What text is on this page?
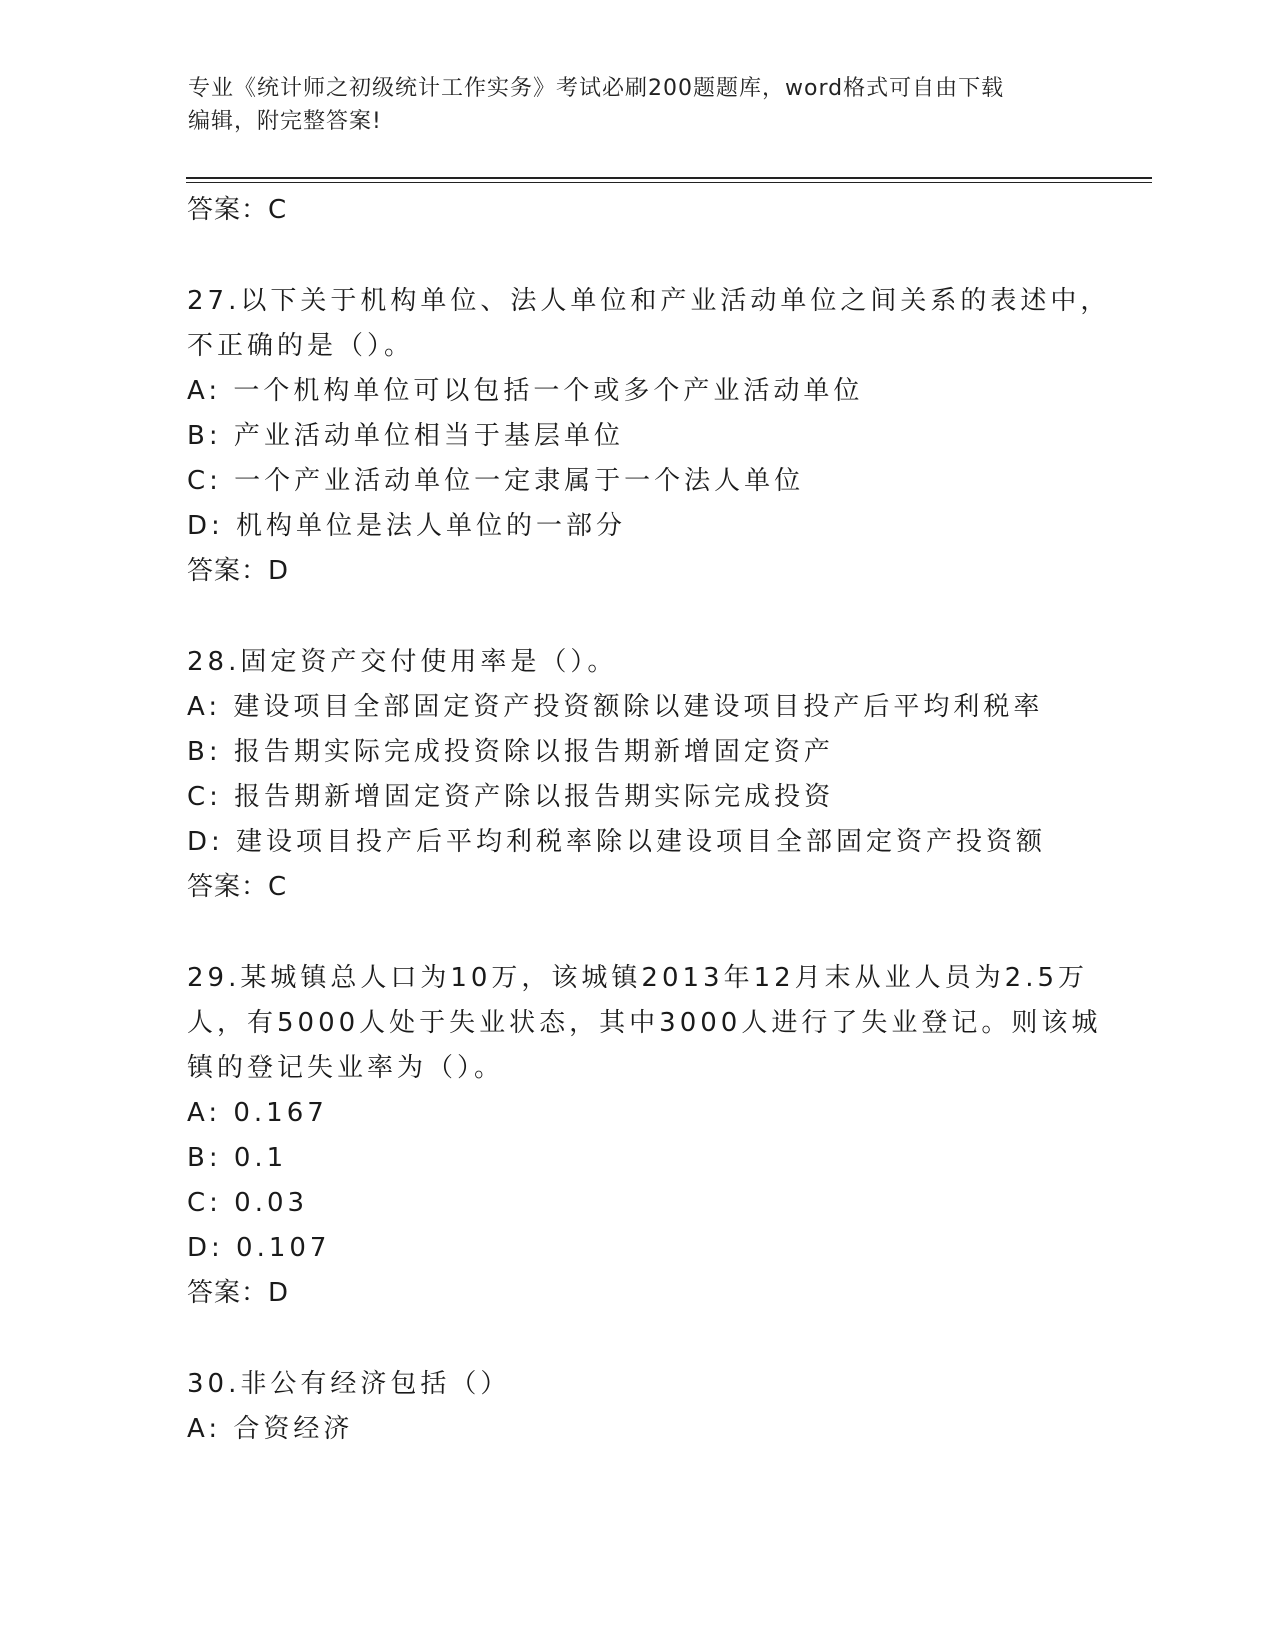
专业《统计师之初级统计工作实务》考试必刷200题题库，word格式可自由下载
编辑，附完整答案!
答案：C
27.以下关于机构单位、法人单位和产业活动单位之间关系的表述中，
不正确的是（）。
A: 一个机构单位可以包括一个或多个产业活动单位
B: 产业活动单位相当于基层单位
C: 一个产业活动单位一定隶属于一个法人单位
D: 机构单位是法人单位的一部分
答案：D
28.固定资产交付使用率是（）。
A: 建设项目全部固定资产投资额除以建设项目投产后平均利税率
B: 报告期实际完成投资除以报告期新增固定资产
C: 报告期新增固定资产除以报告期实际完成投资
D: 建设项目投产后平均利税率除以建设项目全部固定资产投资额
答案：C
29.某城镇总人口为10万，该城镇2013年12月末从业人员为2.5万
人，有5000人处于失业状态，其中3000人进行了失业登记。则该城
镇的登记失业率为（）。
A: 0.167
B: 0.1
C: 0.03
D: 0.107
答案：D
30.非公有经济包括（）
A: 合资经济
